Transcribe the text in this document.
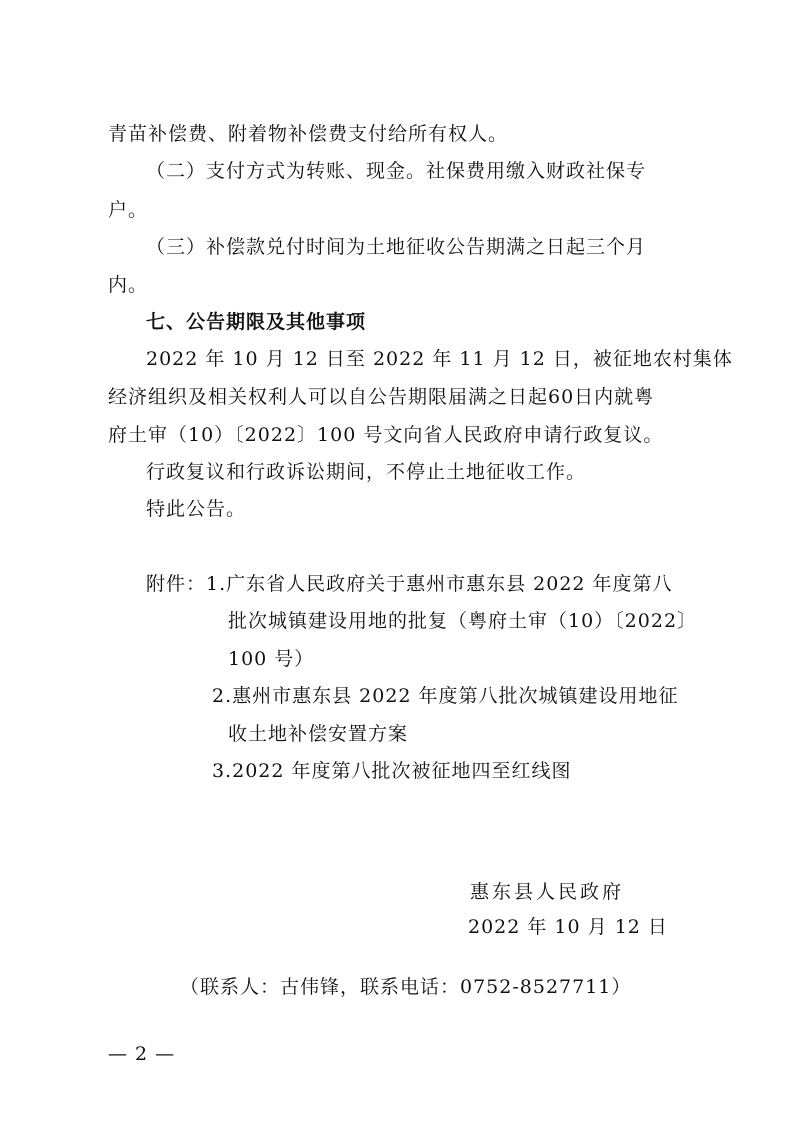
青苗补偿费、附着物补偿费支付给所有权人。
（二）支付方式为转账、现金。社保费用缴入财政社保专
户。
（三）补偿款兑付时间为土地征收公告期满之日起三个月
内。
七、公告期限及其他事项
2022 年 10 月 12 日至 2022 年 11 月 12 日，被征地农村集体
经济组织及相关权利人可以自公告期限届满之日起60日内就粤
府土审（10）〔2022〕100 号文向省人民政府申请行政复议。
行政复议和行政诉讼期间，不停止土地征收工作。
特此公告。
附件：1.广东省人民政府关于惠州市惠东县 2022 年度第八
批次城镇建设用地的批复（粤府土审（10）〔2022〕
100 号）
2.惠州市惠东县 2022 年度第八批次城镇建设用地征
收土地补偿安置方案
3.2022 年度第八批次被征地四至红线图
惠东县人民政府
2022 年 10 月 12 日
（联系人：古伟锋，联系电话：0752-8527711）
— 2 —
